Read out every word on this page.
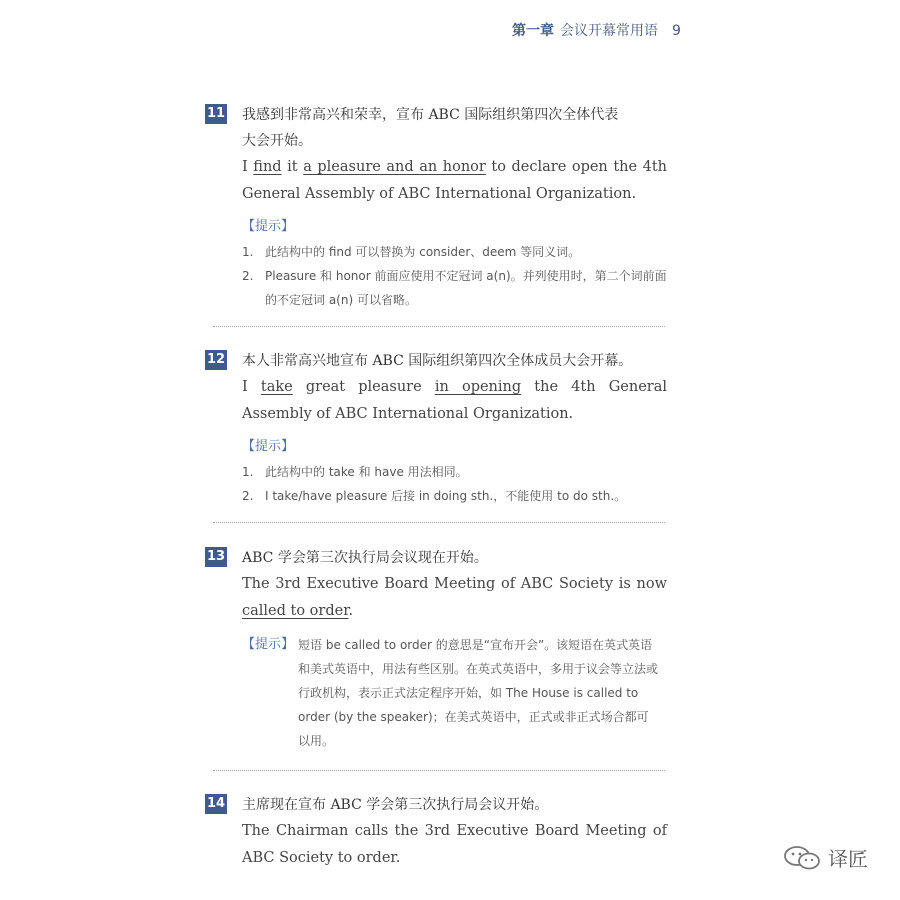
第一章 会议开幕常用语 9
11 我感到非常高兴和荣幸，宣布 ABC 国际组织第四次全体代表
大会开始。

I find it a pleasure and an honor to declare open the 4th General Assembly of ABC International Organization.

【提示】
1. 此结构中的 find 可以替换为 consider、deem 等同义词。
2. Pleasure 和 honor 前面应使用不定冠词 a(n)。并列使用时，第二个词前面的不定冠词 a(n) 可以省略。
12 本人非常高兴地宣布 ABC 国际组织第四次全体成员大会开幕。

I take great pleasure in opening the 4th General Assembly of ABC International Organization.

【提示】
1. 此结构中的 take 和 have 用法相同。
2. I take/have pleasure 后接 in doing sth.，不能使用 to do sth.。
13 ABC 学会第三次执行局会议现在开始。

The 3rd Executive Board Meeting of ABC Society is now called to order.

【提示】 短语 be called to order 的意思是“宣布开会”。该短语在英式英语和美式英语中，用法有些区别。在英式英语中，多用于议会等立法或行政机构，表示正式法定程序开始，如 The House is called to order (by the speaker)；在美式英语中，正式或非正式场合都可以用。
14 主席现在宣布 ABC 学会第三次执行局会议开始。

The Chairman calls the 3rd Executive Board Meeting of ABC Society to order.	译匠
